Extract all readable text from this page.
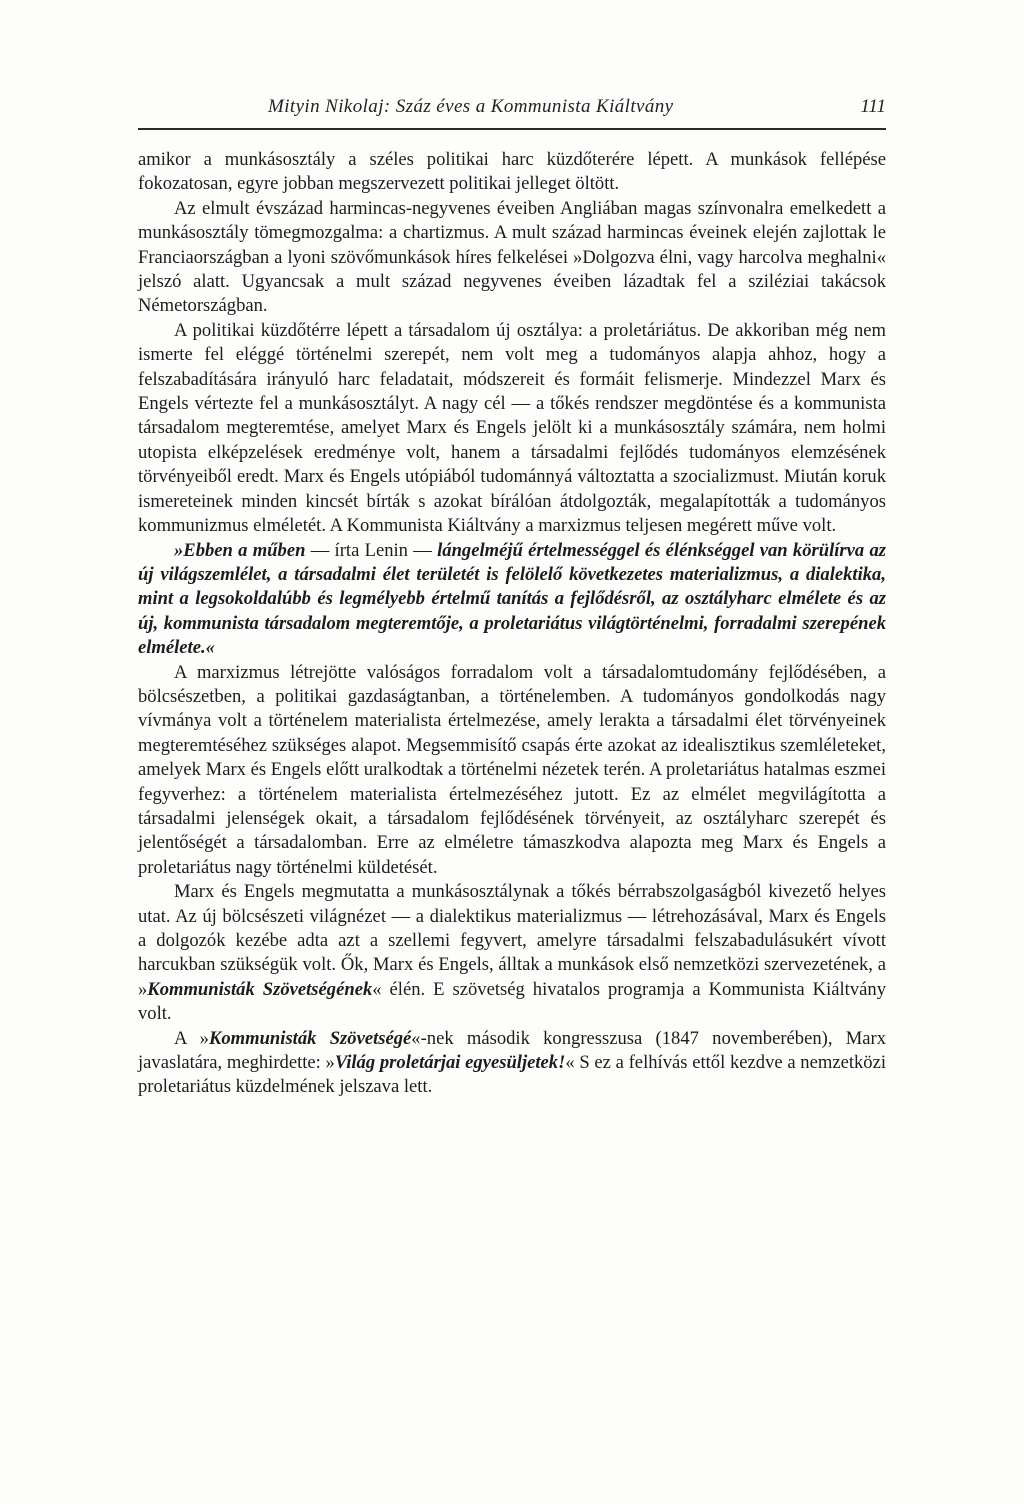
Mityin Nikolaj: Száz éves a Kommunista Kiáltvány	111

amikor a munkásosztály a széles politikai harc küzdőterére lépett. A munkások fellépése fokozatosan, egyre jobban megszervezett politikai jelleget öltött.

Az elmult évszázad harmincas-negyvenes éveiben Angliában magas színvonalra emelkedett a munkásosztály tömegmozgalma: a chartizmus. A mult század harmincas éveinek elején zajlottak le Franciaországban a lyoni szövőmunkások híres felkelései »Dolgozva élni, vagy harcolva meghalni« jelszó alatt. Ugyancsak a mult század negyvenes éveiben lázadtak fel a sziléziai takácsok Németországban.

A politikai küzdőtérre lépett a társadalom új osztálya: a proletáriátus. De akkoriban még nem ismerte fel eléggé történelmi szerepét, nem volt meg a tudományos alapja ahhoz, hogy a felszabadítására irányuló harc feladatait, módszereit és formáit felismerje. Mindezzel Marx és Engels vértezte fel a munkásosztályt. A nagy cél — a tőkés rendszer megdöntése és a kommunista társadalom megteremtése, amelyet Marx és Engels jelölt ki a munkásosztály számára, nem holmi utopista elképzelések eredménye volt, hanem a társadalmi fejlődés tudományos elemzésének törvényeiből eredt. Marx és Engels utópiából tudománnyá változtatta a szocializmust. Miután koruk ismereteinek minden kincsét bírták s azokat bírálóan átdolgozták, megalapították a tudományos kommunizmus elméletét. A Kommunista Kiáltvány a marxizmus teljesen megérett műve volt.

»Ebben a műben — írta Lenin — lángelméjű értelmességgel és élénkséggel van körülírva az új világszemlélet, a társadalmi élet területét is felölelő következetes materializmus, a dialektika, mint a legsokoldalúbb és legmélyebb értelmű tanítás a fejlődésről, az osztályharc elmélete és az új, kommunista társadalom megteremtője, a proletariátus világtörténelmi, forradalmi szerepének elmélete.«

A marxizmus létrejötte valóságos forradalom volt a társadalomtudomány fejlődésében, a bölcsészetben, a politikai gazdaságtanban, a történelemben. A tudományos gondolkodás nagy vívmánya volt a történelem materialista értelmezése, amely lerakta a társadalmi élet törvényeinek megteremtéséhez szükséges alapot. Megsemmisítő csapás érte azokat az idealisztikus szemléleteket, amelyek Marx és Engels előtt uralkodtak a történelmi nézetek terén. A proletariátus hatalmas eszmei fegyverhez: a történelem materialista értelmezéséhez jutott. Ez az elmélet megvilágította a társadalmi jelenségek okait, a társadalom fejlődésének törvényeit, az osztályharc szerepét és jelentőségét a társadalomban. Erre az elméletre támaszkodva alapozta meg Marx és Engels a proletariátus nagy történelmi küldetését.

Marx és Engels megmutatta a munkásosztálynak a tőkés bérrabszolgaságból kivezető helyes utat. Az új bölcsészeti világnézet — a dialektikus materializmus — létrehozásával, Marx és Engels a dolgozók kezébe adta azt a szellemi fegyvert, amelyre társadalmi felszabadulásukért vívott harcukban szükségük volt. Ők, Marx és Engels, álltak a munkások első nemzetközi szervezetének, a »Kommunisták Szövetségének« élén. E szövetség hivatalos programja a Kommunista Kiáltvány volt.

A »Kommunisták Szövetségé«-nek második kongresszusa (1847 novemberében), Marx javaslatára, meghirdette: »Világ proletárjai egyesüljetek!« S ez a felhívás ettől kezdve a nemzetközi proletariátus küzdelmének jelszava lett.
